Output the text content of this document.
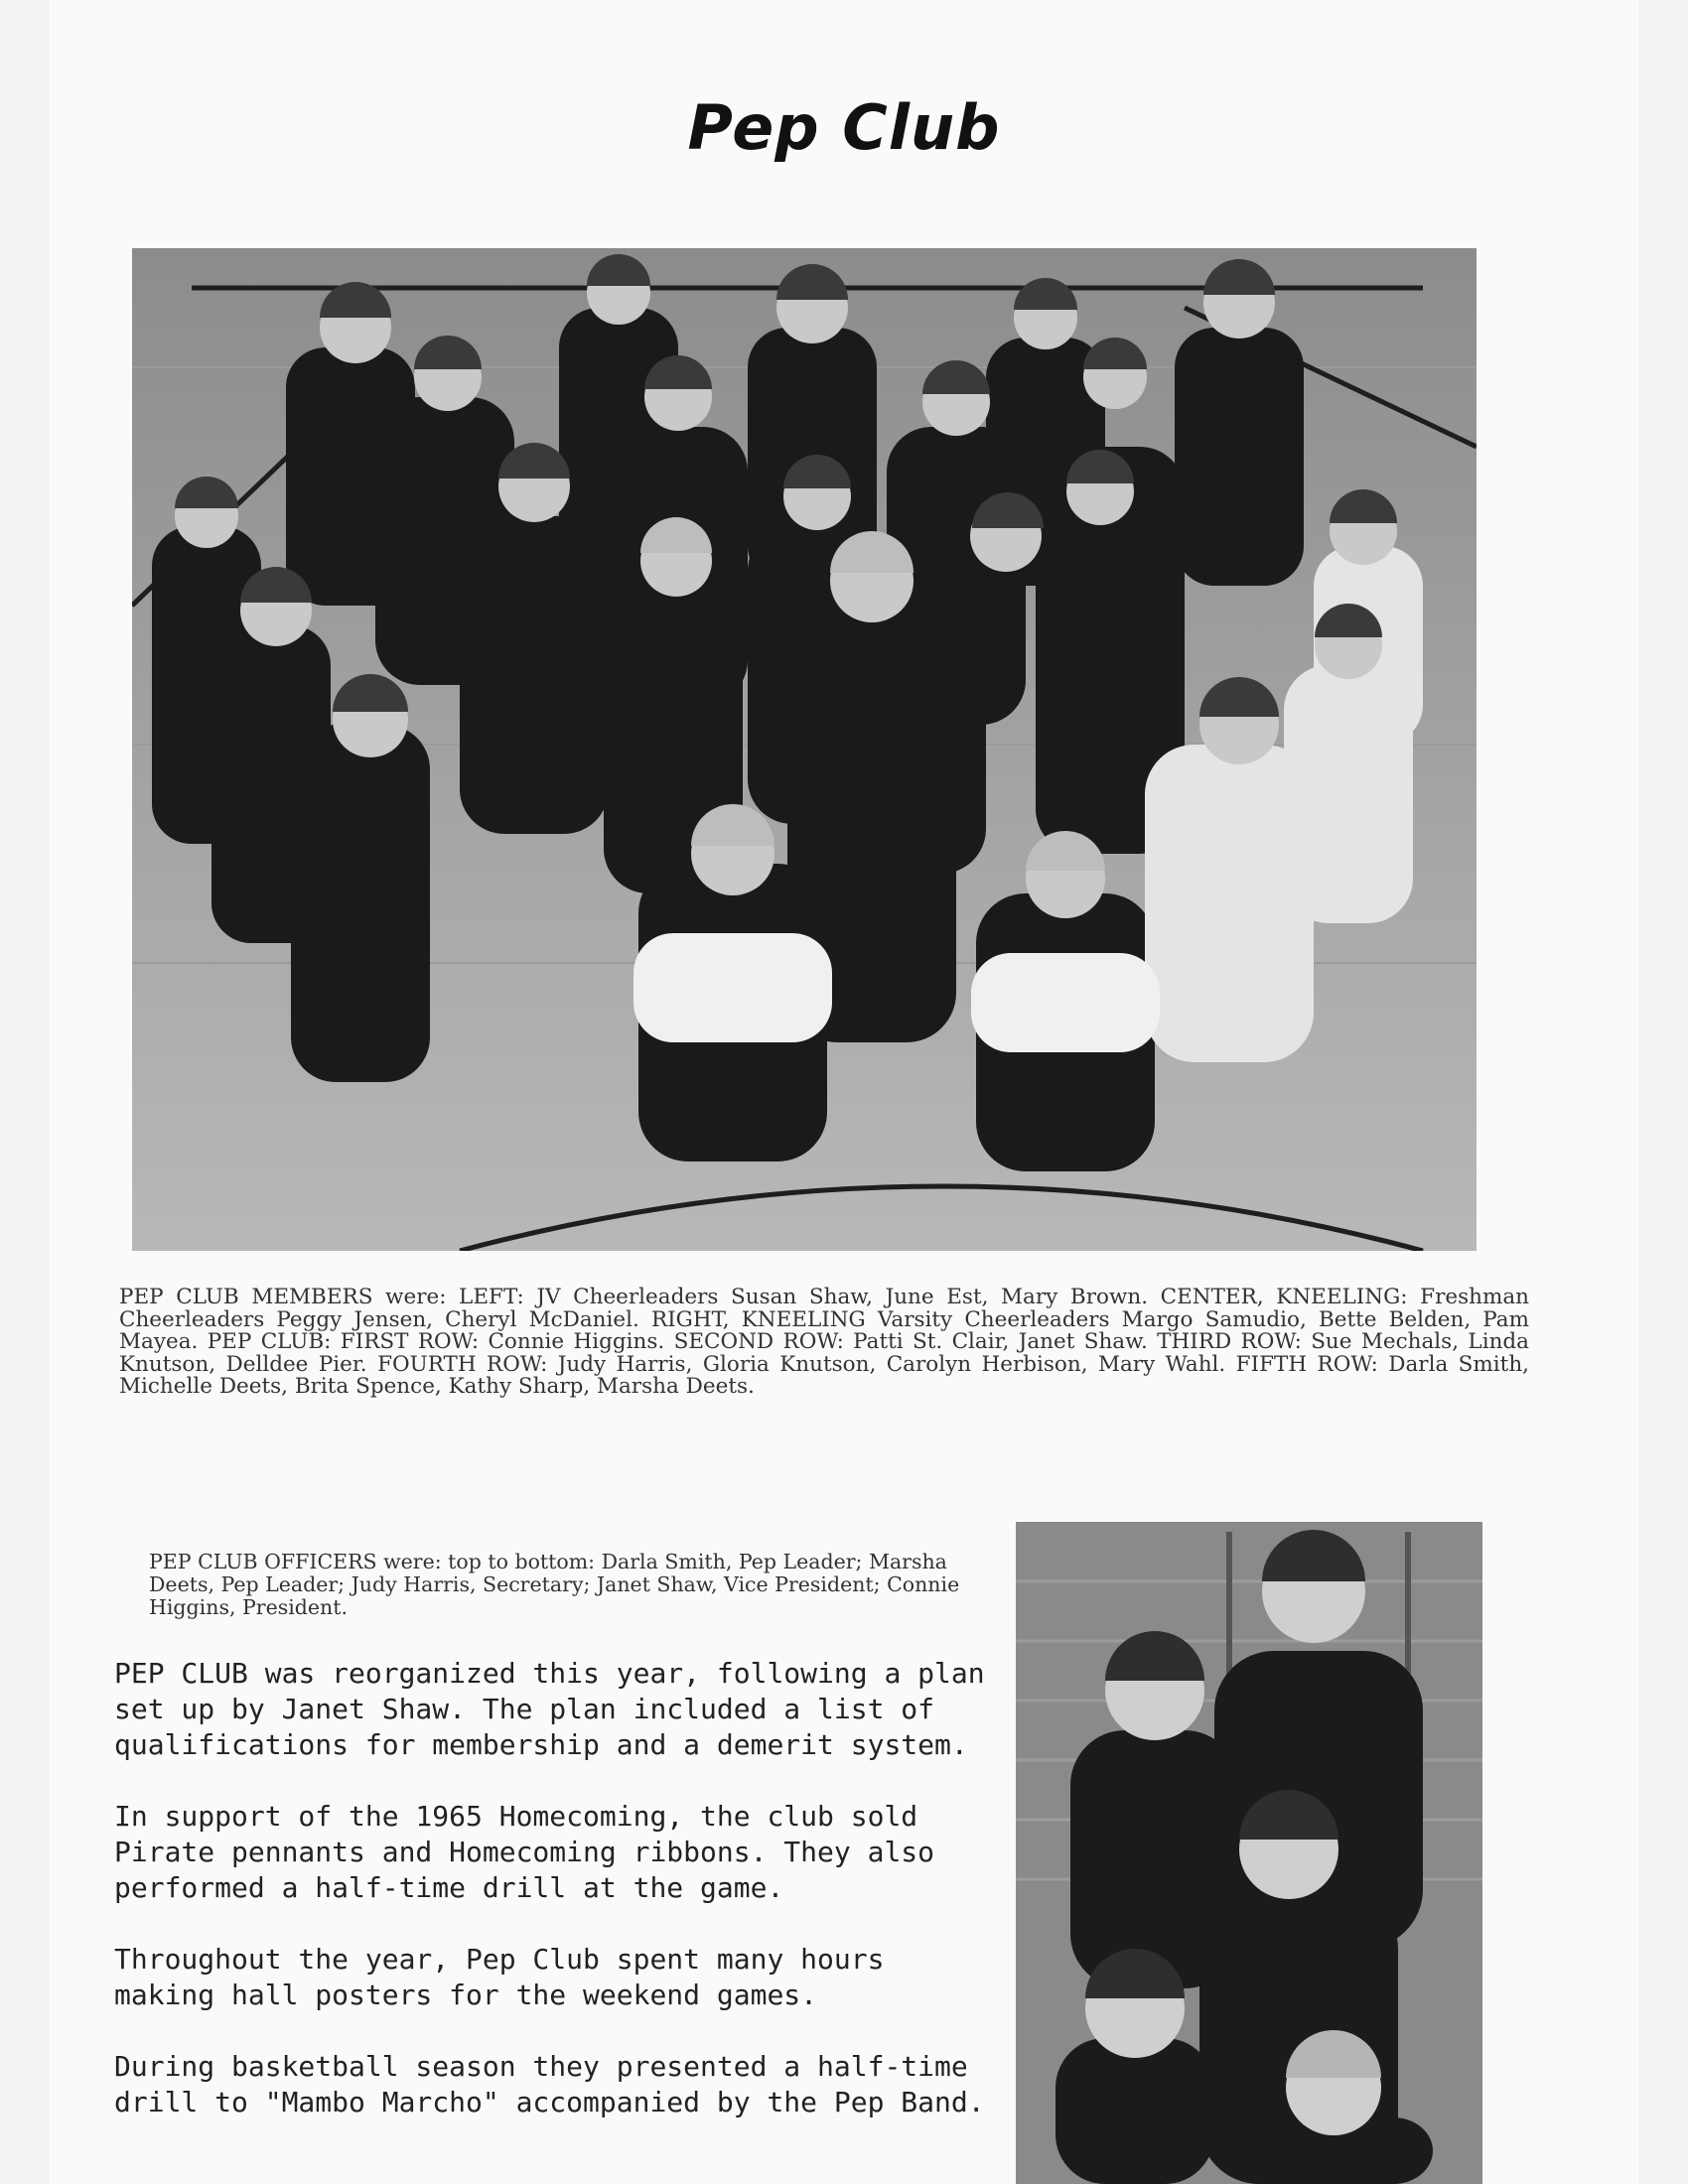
Pep Club
PEP CLUB MEMBERS were: LEFT: JV Cheerleaders Susan Shaw, June Est, Mary Brown. CENTER, KNEELING: Freshman Cheerleaders Peggy Jensen, Cheryl McDaniel. RIGHT, KNEELING Varsity Cheerleaders Margo Samudio, Bette Belden, Pam Mayea. PEP CLUB: FIRST ROW: Connie Higgins. SECOND ROW: Patti St. Clair, Janet Shaw. THIRD ROW: Sue Mechals, Linda Knutson, Delldee Pier. FOURTH ROW: Judy Harris, Gloria Knutson, Carolyn Herbison, Mary Wahl. FIFTH ROW: Darla Smith, Michelle Deets, Brita Spence, Kathy Sharp, Marsha Deets.
PEP CLUB OFFICERS were: top to bottom: Darla Smith, Pep Leader; Marsha Deets, Pep Leader; Judy Harris, Secretary; Janet Shaw, Vice President; Connie Higgins, President.
PEP CLUB was reorganized this year, following a plan set up by Janet Shaw. The plan included a list of qualifications for membership and a demerit system.
In support of the 1965 Homecoming, the club sold Pirate pennants and Homecoming ribbons. They also performed a half-time drill at the game.
Throughout the year, Pep Club spent many hours making hall posters for the weekend games.
During basketball season they presented a half-time drill to "Mambo Marcho" accompanied by the Pep Band.
